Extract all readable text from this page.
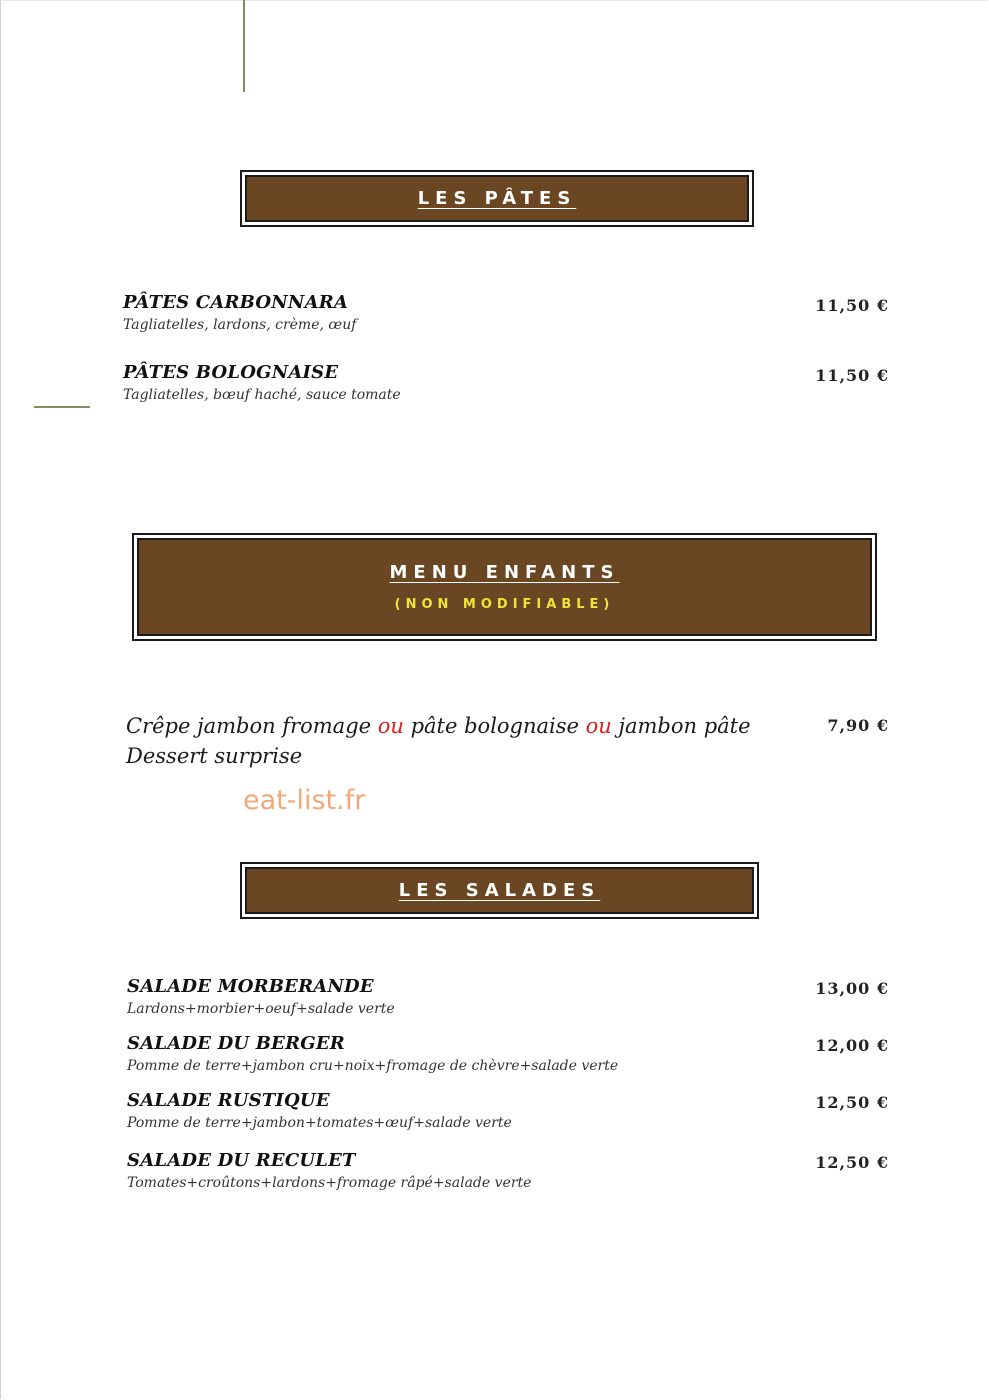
LES PÂTES
PÂTES CARBONNARA
Tagliatelles, lardons, crème, œuf
11,50 €
PÂTES BOLOGNAISE
Tagliatelles, bœuf haché, sauce tomate
11,50 €
MENU ENFANTS
(NON MODIFIABLE)
Crêpe jambon fromage ou pâte bolognaise ou jambon pâte
Dessert surprise
7,90 €
eat-list.fr
LES SALADES
SALADE MORBERANDE
Lardons+morbier+oeuf+salade verte
13,00 €
SALADE DU BERGER
Pomme de terre+jambon cru+noix+fromage de chèvre+salade verte
12,00 €
SALADE RUSTIQUE
Pomme de terre+jambon+tomates+œuf+salade verte
12,50 €
SALADE DU RECULET
Tomates+croûtons+lardons+fromage râpé+salade verte
12,50 €
